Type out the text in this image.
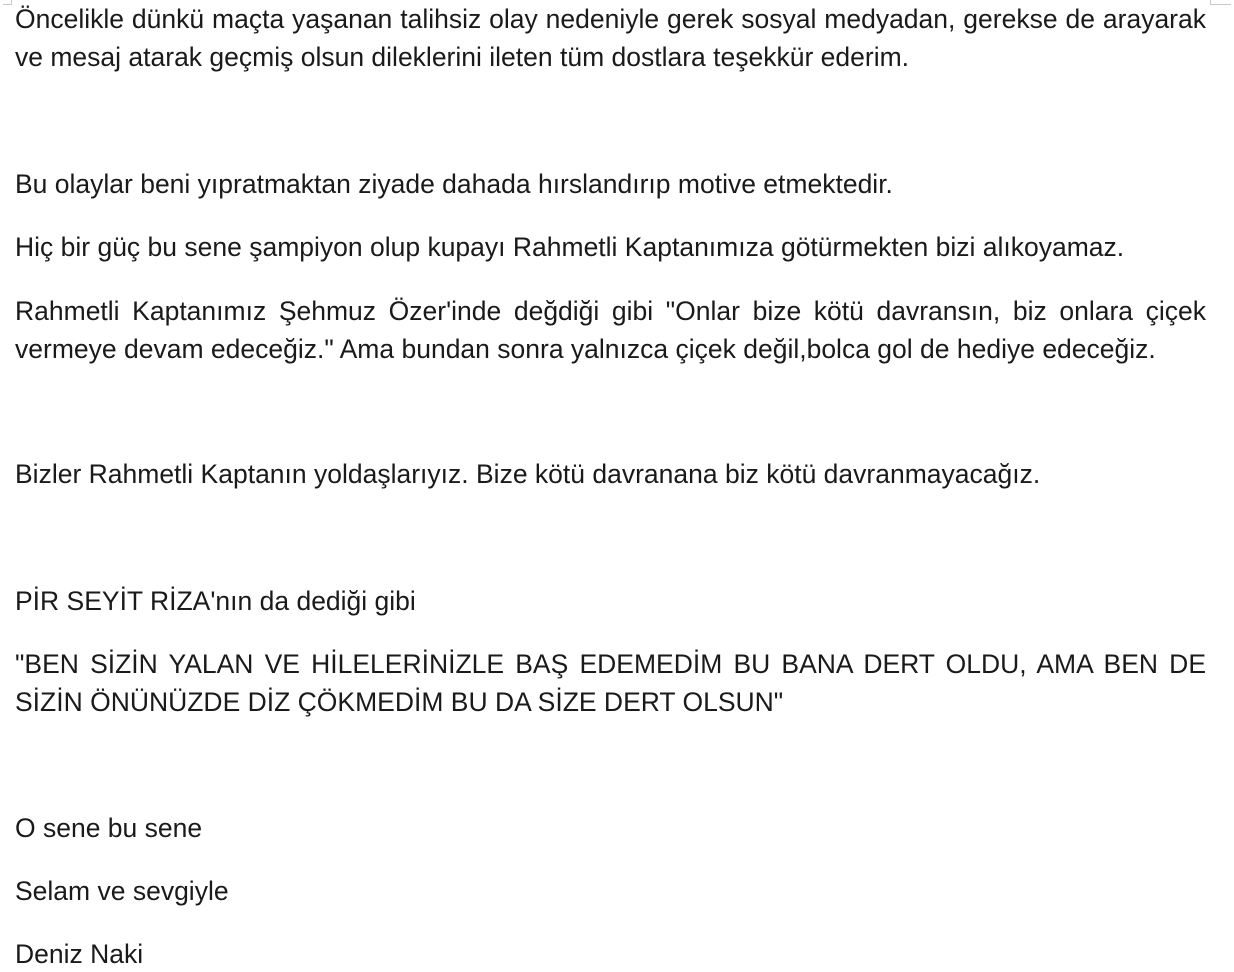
Öncelikle dünkü maçta yaşanan talihsiz olay nedeniyle gerek sosyal medyadan, gerekse de arayarak ve mesaj atarak geçmiş olsun dileklerini ileten tüm dostlara teşekkür ederim.

Bu olaylar beni yıpratmaktan ziyade dahada hırslandırıp motive etmektedir.

Hiç bir güç bu sene şampiyon olup kupayı Rahmetli Kaptanımıza götürmekten bizi alıkoyamaz.

Rahmetli Kaptanımız Şehmuz Özer'inde değdiği gibi "Onlar bize kötü davransın, biz onlara çiçek vermeye devam edeceğiz." Ama bundan sonra yalnızca çiçek değil,bolca gol de hediye edeceğiz.

Bizler Rahmetli Kaptanın yoldaşlarıyız. Bize kötü davranana biz kötü davranmayacağız.

PİR SEYİT RİZA'nın da dediği gibi

"BEN SİZİN YALAN VE HİLELERİNİZLE BAŞ EDEMEDİM BU BANA DERT OLDU, AMA BEN DE SİZİN ÖNÜNÜZDE DİZ ÇÖKMEDİM BU DA SİZE DERT OLSUN"

O sene bu sene

Selam ve sevgiyle

Deniz Naki
